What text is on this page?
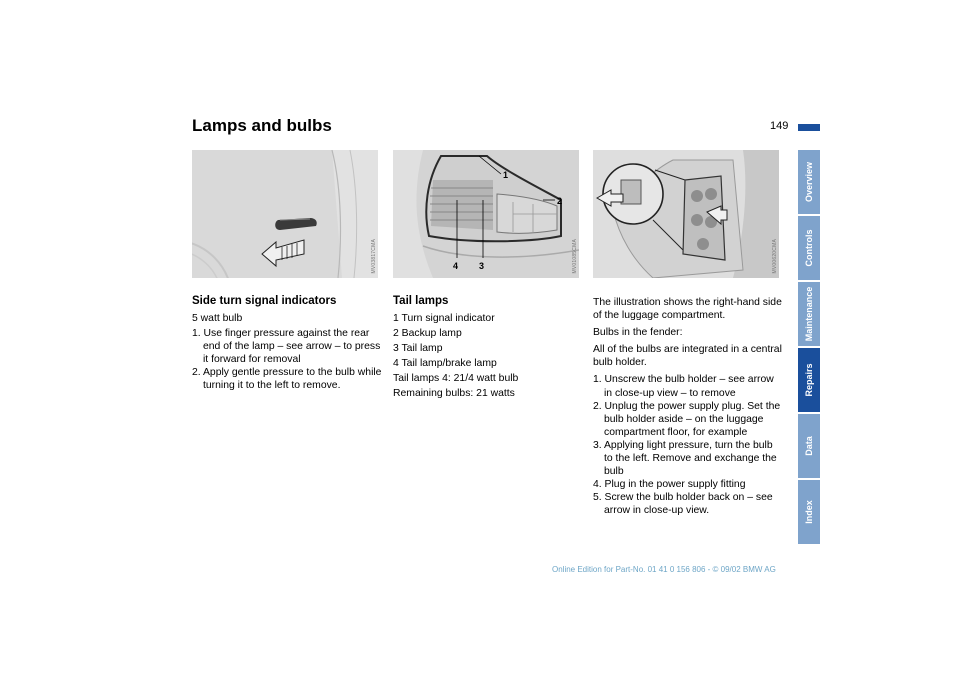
Lamps and bulbs	149
MV03817CMA
1
2
4 3	MV01085CMA	MV00620CMA
Side turn signal indicators

5 watt bulb

1. Use finger pressure against the rear end of the lamp – see arrow – to press it forward for removal
2. Apply gentle pressure to the bulb while turning it to the left to remove.
Tail lamps

1 Turn signal indicator

2 Backup lamp

3 Tail lamp

4 Tail lamp/brake lamp

Tail lamps 4: 21/4 watt bulb

Remaining bulbs: 21 watts

The illustration shows the right-hand side of the luggage compartment.

Bulbs in the fender:

All of the bulbs are integrated in a central bulb holder.

1. Unscrew the bulb holder – see arrow in close-up view – to remove
2. Unplug the power supply plug. Set the bulb holder aside – on the luggage compartment floor, for example
3. Applying light pressure, turn the bulb to the left. Remove and exchange the bulb
4. Plug in the power supply fitting
5. Screw the bulb holder back on – see arrow in close-up view.
Overview
Controls
Maintenance
Repairs
Data
Index
Online Edition for Part-No. 01 41 0 156 806 - © 09/02 BMW AG
